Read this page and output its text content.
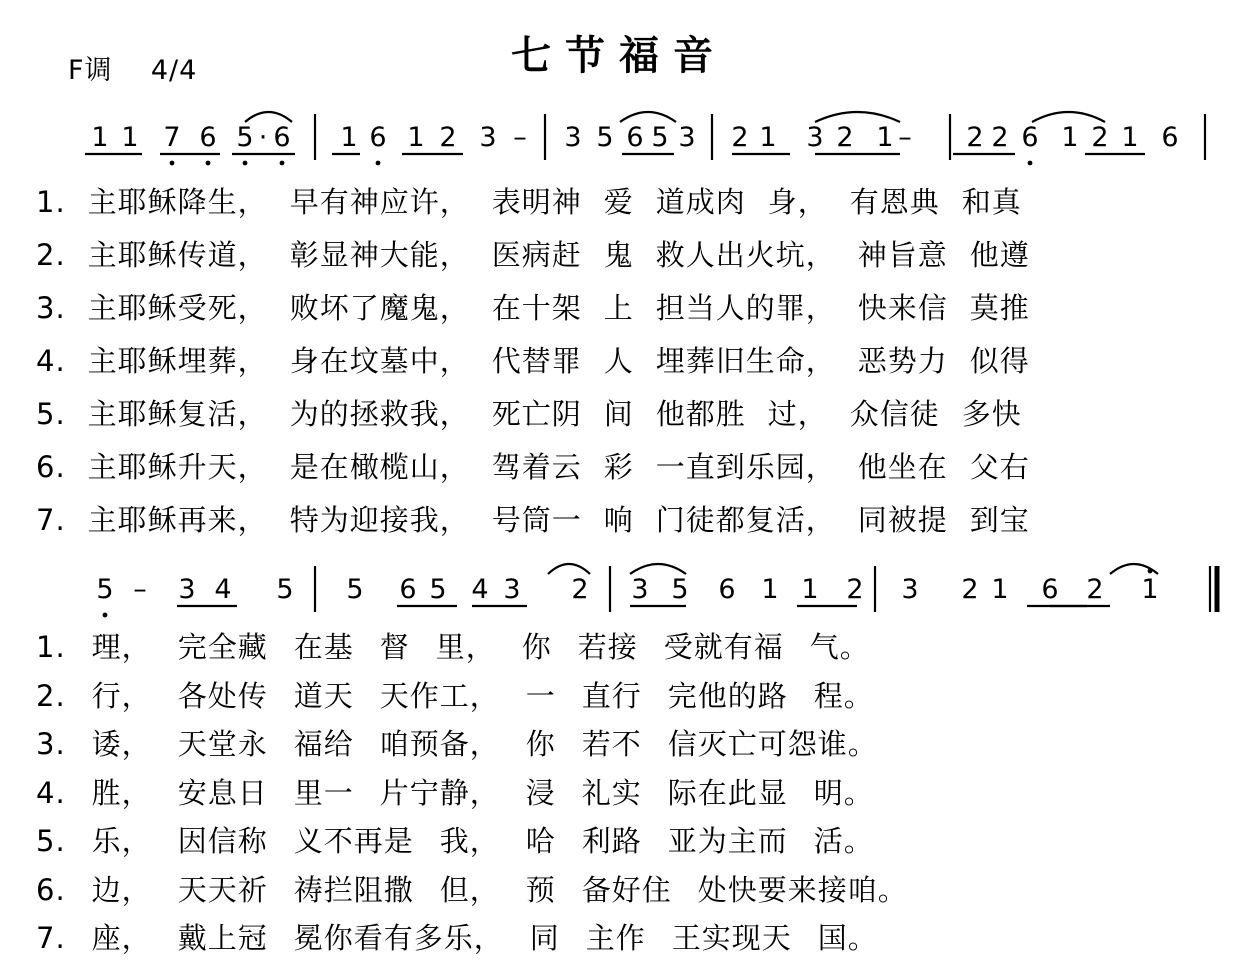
F调    4/4	七节福音
1 1 7 6 5 · 6 1 6 1 2 3 – 3 5 6 5 3 2 1 3 2 1 – 2 2 6 1 2 1 6
1. 主耶稣降生， 早有神应许， 表明神 爱 道成肉 身， 有恩典 和真
2. 主耶稣传道， 彰显神大能， 医病赶 鬼 救人出火坑， 神旨意 他遵
3. 主耶稣受死， 败坏了魔鬼， 在十架 上 担当人的罪， 快来信 莫推
4. 主耶稣埋葬， 身在坟墓中， 代替罪 人 埋葬旧生命， 恶势力 似得
5. 主耶稣复活， 为的拯救我， 死亡阴 间 他都胜 过， 众信徒 多快
6. 主耶稣升天， 是在橄榄山， 驾着云 彩 一直到乐园， 他坐在 父右
7. 主耶稣再来， 特为迎接我， 号筒一 响 门徒都复活， 同被提 到宝
5 – 3 4 5 5 6 5 4 3 2 3 5 6 1 1 2 3 2 1 6 2 1
1. 理， 完全藏 在基 督 里， 你 若接 受就有福 气。
2. 行， 各处传 道天 天作工， 一 直行 完他的路 程。
3. 诿， 天堂永 福给 咱预备， 你 若不 信灭亡可怨谁。
4. 胜， 安息日 里一 片宁静， 浸 礼实 际在此显 明。
5. 乐， 因信称 义不再是 我， 哈 利路 亚为主而 活。
6. 边， 天天祈 祷拦阻撒 但， 预 备好住 处快要来接咱。
7. 座， 戴上冠 冕你看有多乐， 同 主作 王实现天 国。
